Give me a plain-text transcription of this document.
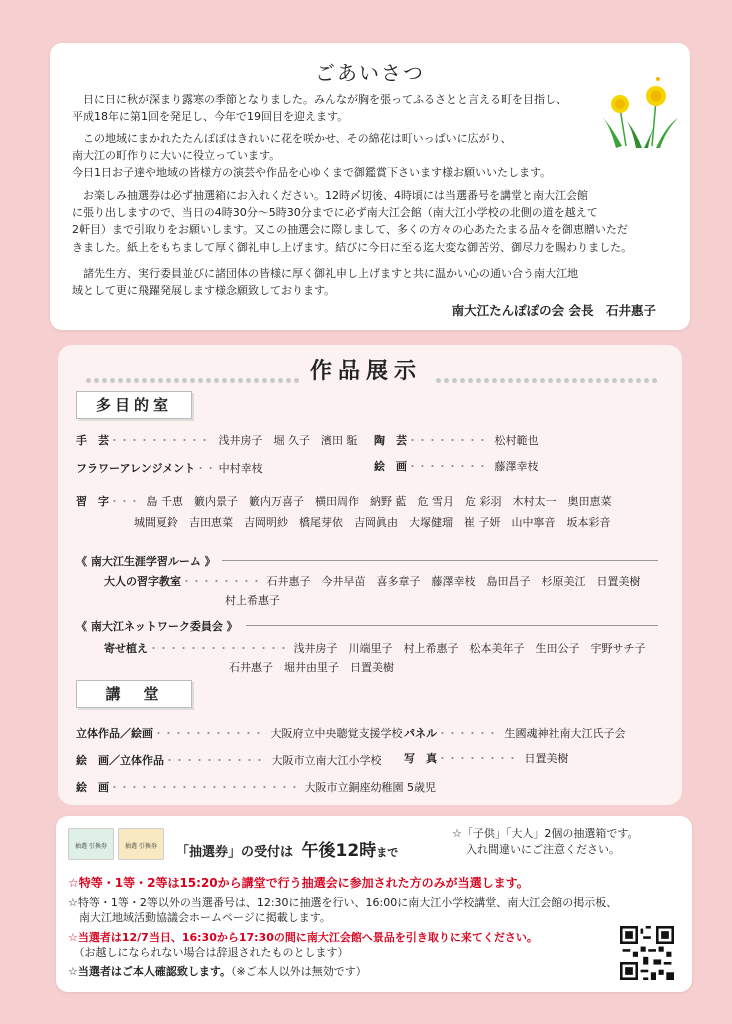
ごあいさつ
　日に日に秋が深まり露寒の季節となりました。みんなが胸を張ってふるさとと言える町を目指し、
平成18年に第1回を発足し、今年で19回目を迎えます。
　この地域にまかれたたんぽぽはきれいに花を咲かせ、その綿花は町いっぱいに広がり、
南大江の町作りに大いに役立っています。
今日1日お子達や地域の皆様方の演芸や作品を心ゆくまで御鑑賞下さいます様お願いいたします。
　お楽しみ抽選券は必ず抽選箱にお入れください。12時〆切後、4時頃には当選番号を講堂と南大江会館
に張り出しますので、当日の4時30分～5時30分までに必ず南大江会館（南大江小学校の北側の道を越えて
2軒目）まで引取りをお願いします。又この抽選会に際しまして、多くの方々の心あたたまる品々を御恵贈いただ
きました。紙上をもちまして厚く御礼申し上げます。結びに今日に至る迄大変な御苦労、御尽力を賜わりました。
　諸先生方、実行委員並びに諸団体の皆様に厚く御礼申し上げますと共に温かい心の通い合う南大江地
域として更に飛躍発展します様念願致しております。
南大江たんぽぽの会 会長　石井惠子
作品展示
多目的室
手　芸・・・・・・・・・・ 浅井房子　堀 久子　濱田 駈
フラワーアレンジメント・・ 中村幸枝
陶　芸・・・・・・・・ 松村範也
絵　画・・・・・・・・ 藤澤幸枝
習　字・・・ 島 千恵　籔内景子　籔内万喜子　横田周作　納野 藍　危 雪月　危 彩羽　木村太一　奥田恵菜
城間夏鈴　吉田恵菜　吉岡明紗　橋尾芽依　吉岡眞由　大塚健瑠　崔 子妍　山中寧音　坂本彩音
《 南大江生涯学習ルーム 》
大人の習字教室・・・・・・・・ 石井惠子　今井早苗　喜多章子　藤澤幸枝　島田昌子　杉原美江　日置美樹
村上希惠子
《 南大江ネットワーク委員会 》
寄せ植え・・・・・・・・・・・・・・ 浅井房子　川端里子　村上希惠子　松本美年子　生田公子　宇野サチ子
石井惠子　堀井由里子　日置美樹
講　堂
立体作品／絵画・・・・・・・・・・・ 大阪府立中央聴覚支援学校
絵　画／立体作品・・・・・・・・・・ 大阪市立南大江小学校
絵　画・・・・・・・・・・・・・・・・・・・ 大阪市立銅座幼稚園 5歳児
パネル・・・・・・ 生國魂神社南大江氏子会
写　真・・・・・・・・ 日置美樹
抽選 引換券	抽選 引換券	「抽選券」の受付は 午後12時まで
☆「子供」「大人」2個の抽選箱です。
入れ間違いにご注意ください。
☆特等・1等・2等は15:20から講堂で行う抽選会に参加された方のみが当選します。
☆特等・1等・2等以外の当選番号は、12:30に抽選を行い、16:00に南大江小学校講堂、南大江会館の掲示板、
　南大江地域活動協議会ホームページに掲載します。
☆当選者は12/7当日、16:30から17:30の間に南大江会館へ景品を引き取りに来てください。
　（お越しになられない場合は辞退されたものとします）
☆当選者はご本人確認致します。（※ご本人以外は無効です）
